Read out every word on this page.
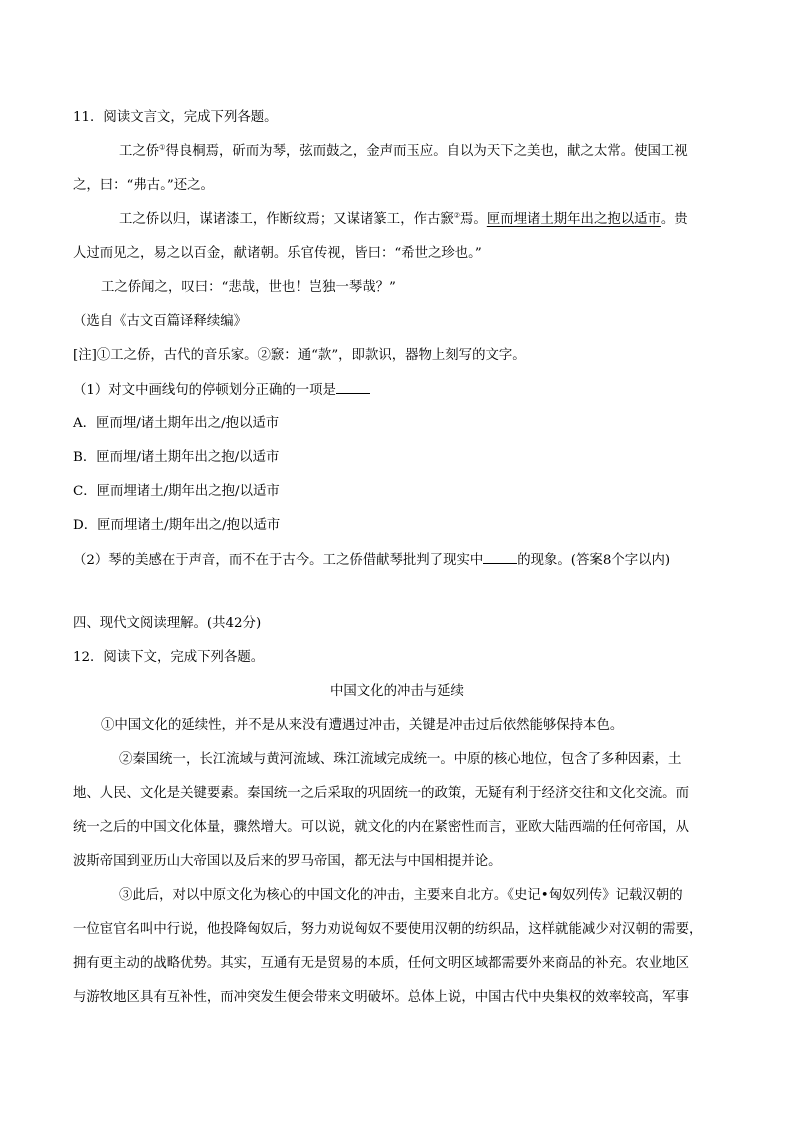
11．阅读文言文，完成下列各题。
工之侨①得良桐焉，斫而为琴，弦而鼓之，金声而玉应。自以为天下之美也，献之太常。使国工视
之，曰：“弗古。”还之。
工之侨以归，谋诸漆工，作断纹焉；又谋诸篆工，作古窾②焉。匣而埋诸土期年出之抱以适市。贵
人过而见之，易之以百金，献诸朝。乐官传视，皆曰：“希世之珍也。”
工之侨闻之，叹曰：“悲哉，世也！岂独一琴哉？”
（选自《古文百篇译释续编》
[注]①工之侨，古代的音乐家。②窾：通“款”，即款识，器物上刻写的文字。
（1）对文中画线句的停顿划分正确的一项是
A．匣而埋/诸土期年出之/抱以适市
B．匣而埋/诸土期年出之抱/以适市
C．匣而埋诸土/期年出之抱/以适市
D．匣而埋诸土/期年出之/抱以适市
（2）琴的美感在于声音，而不在于古今。工之侨借献琴批判了现实中	的现象。(答案8个字以内)
四、现代文阅读理解。(共42分)
12．阅读下文，完成下列各题。
中国文化的冲击与延续
①中国文化的延续性，并不是从来没有遭遇过冲击，关键是冲击过后依然能够保持本色。
②秦国统一，长江流域与黄河流域、珠江流域完成统一。中原的核心地位，包含了多种因素，土
地、人民、文化是关键要素。秦国统一之后采取的巩固统一的政策，无疑有利于经济交往和文化交流。而
统一之后的中国文化体量，骤然增大。可以说，就文化的内在紧密性而言，亚欧大陆西端的任何帝国，从
波斯帝国到亚历山大帝国以及后来的罗马帝国，都无法与中国相提并论。
③此后，对以中原文化为核心的中国文化的冲击，主要来自北方。《史记•匈奴列传》记载汉朝的
一位宦官名叫中行说，他投降匈奴后，努力劝说匈奴不要使用汉朝的纺织品，这样就能减少对汉朝的需要，
拥有更主动的战略优势。其实，互通有无是贸易的本质，任何文明区域都需要外来商品的补充。农业地区
与游牧地区具有互补性，而冲突发生便会带来文明破坏。总体上说，中国古代中央集权的效率较高，军事
